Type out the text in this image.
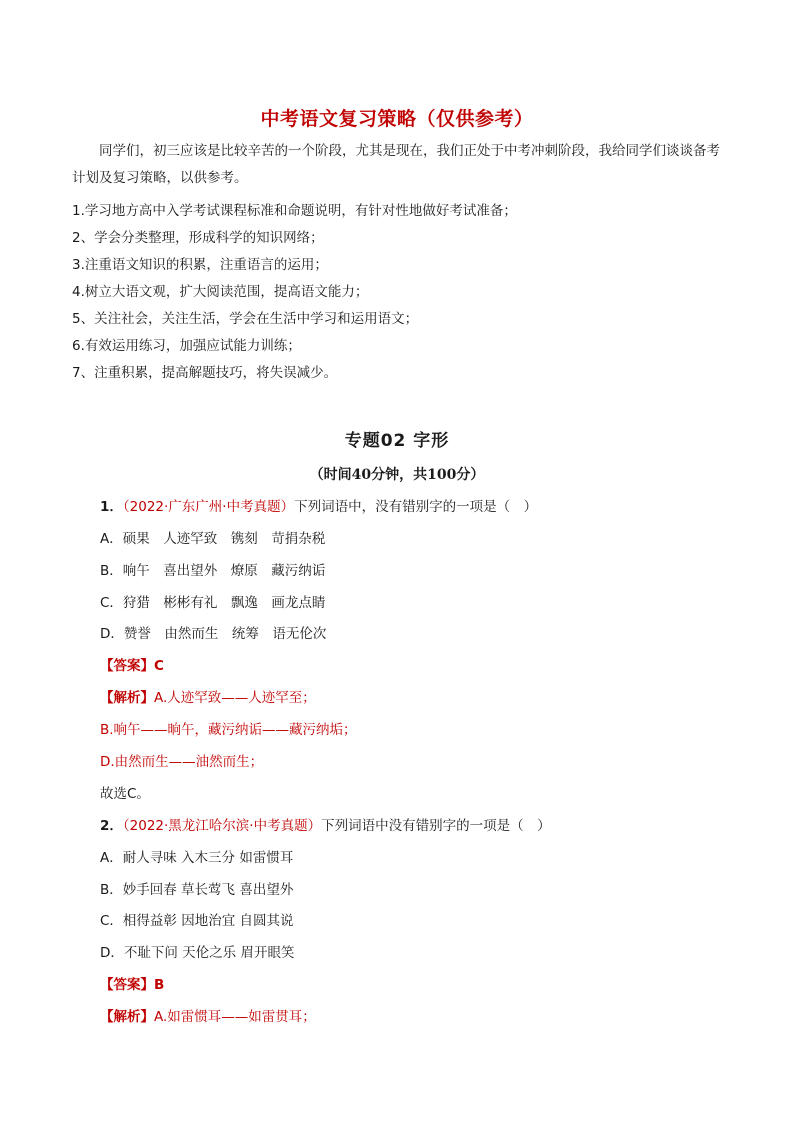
中考语文复习策略（仅供参考）
同学们，初三应该是比较辛苦的一个阶段，尤其是现在，我们正处于中考冲刺阶段，我给同学们谈谈备考计划及复习策略，以供参考。
1.学习地方高中入学考试课程标准和命题说明，有针对性地做好考试准备；
2、学会分类整理，形成科学的知识网络；
3.注重语文知识的积累，注重语言的运用；
4.树立大语文观，扩大阅读范围，提高语文能力；
5、关注社会，关注生活，学会在生活中学习和运用语文；
6.有效运用练习，加强应试能力训练；
7、注重积累，提高解题技巧，将失误减少。
专题02 字形
（时间40分钟，共100分）
1．（2022·广东广州·中考真题）下列词语中，没有错别字的一项是（　）
A．硕果　人迹罕致　镌刻　苛捐杂税
B．响午　喜出望外　燎原　藏污纳诟
C．狩猎　彬彬有礼　飘逸　画龙点睛
D．赞誉　由然而生　统筹　语无伦次
【答案】C
【解析】A.人迹罕致——人迹罕至；
B.响午——晌午，藏污纳诟——藏污纳垢；
D.由然而生——油然而生；
故选C。
2．（2022·黑龙江哈尔滨·中考真题）下列词语中没有错别字的一项是（　）
A．耐人寻味 入木三分 如雷惯耳
B．妙手回春 草长莺飞 喜出望外
C．相得益彰 因地治宜 自圆其说
D．不耻下问 天伦之乐 眉开眼笑
【答案】B
【解析】A.如雷惯耳——如雷贯耳；
